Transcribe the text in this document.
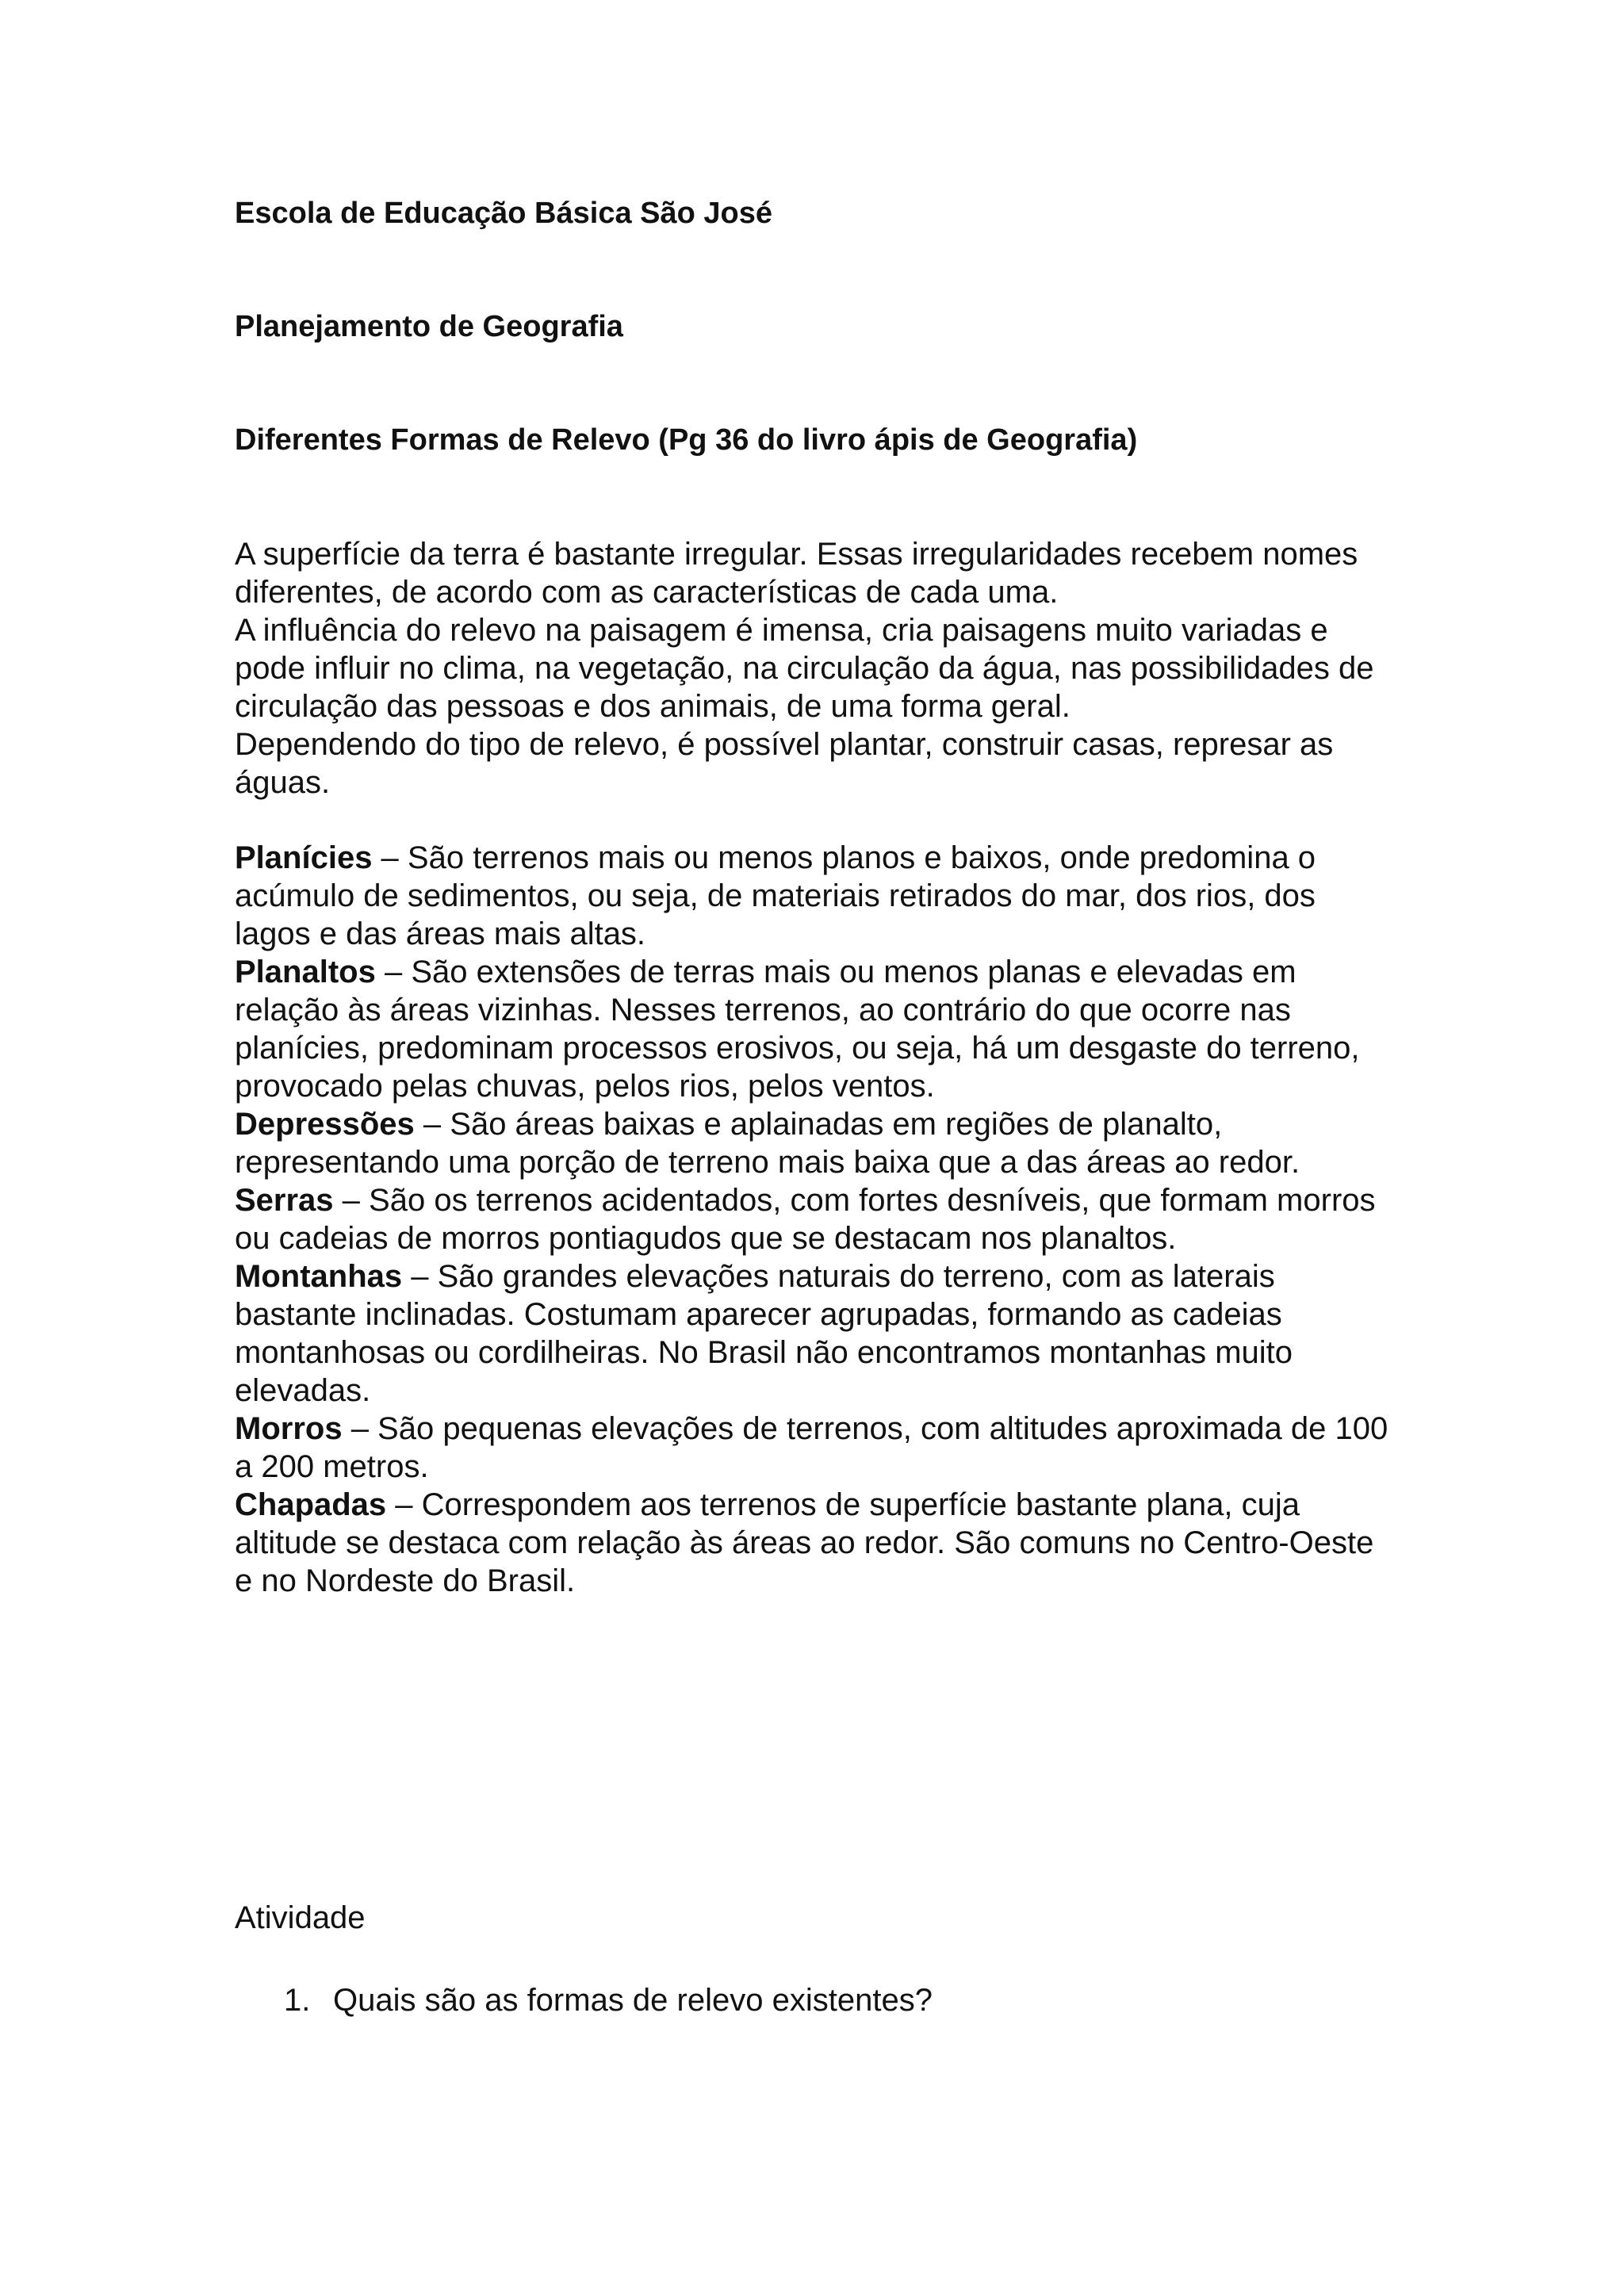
Escola de Educação Básica São José
Planejamento de Geografia
Diferentes Formas de Relevo (Pg 36 do livro ápis de Geografia)

A superfície da terra é bastante irregular. Essas irregularidades recebem nomes diferentes, de acordo com as características de cada uma.

A influência do relevo na paisagem é imensa, cria paisagens muito variadas e pode influir no clima, na vegetação, na circulação da água, nas possibilidades de circulação das pessoas e dos animais, de uma forma geral.

Dependendo do tipo de relevo, é possível plantar, construir casas, represar as águas.

Planícies – São terrenos mais ou menos planos e baixos, onde predomina o acúmulo de sedimentos, ou seja, de materiais retirados do mar, dos rios, dos lagos e das áreas mais altas.

Planaltos – São extensões de terras mais ou menos planas e elevadas em relação às áreas vizinhas. Nesses terrenos, ao contrário do que ocorre nas planícies, predominam processos erosivos, ou seja, há um desgaste do terreno, provocado pelas chuvas, pelos rios, pelos ventos.

Depressões – São áreas baixas e aplainadas em regiões de planalto, representando uma porção de terreno mais baixa que a das áreas ao redor.

Serras – São os terrenos acidentados, com fortes desníveis, que formam morros ou cadeias de morros pontiagudos que se destacam nos planaltos.

Montanhas – São grandes elevações naturais do terreno, com as laterais bastante inclinadas. Costumam aparecer agrupadas, formando as cadeias montanhosas ou cordilheiras. No Brasil não encontramos montanhas muito elevadas.

Morros – São pequenas elevações de terrenos, com altitudes aproximada de 100 a 200 metros.

Chapadas – Correspondem aos terrenos de superfície bastante plana, cuja altitude se destaca com relação às áreas ao redor. São comuns no Centro-Oeste e no Nordeste do Brasil.

Atividade

1. Quais são as formas de relevo existentes?
